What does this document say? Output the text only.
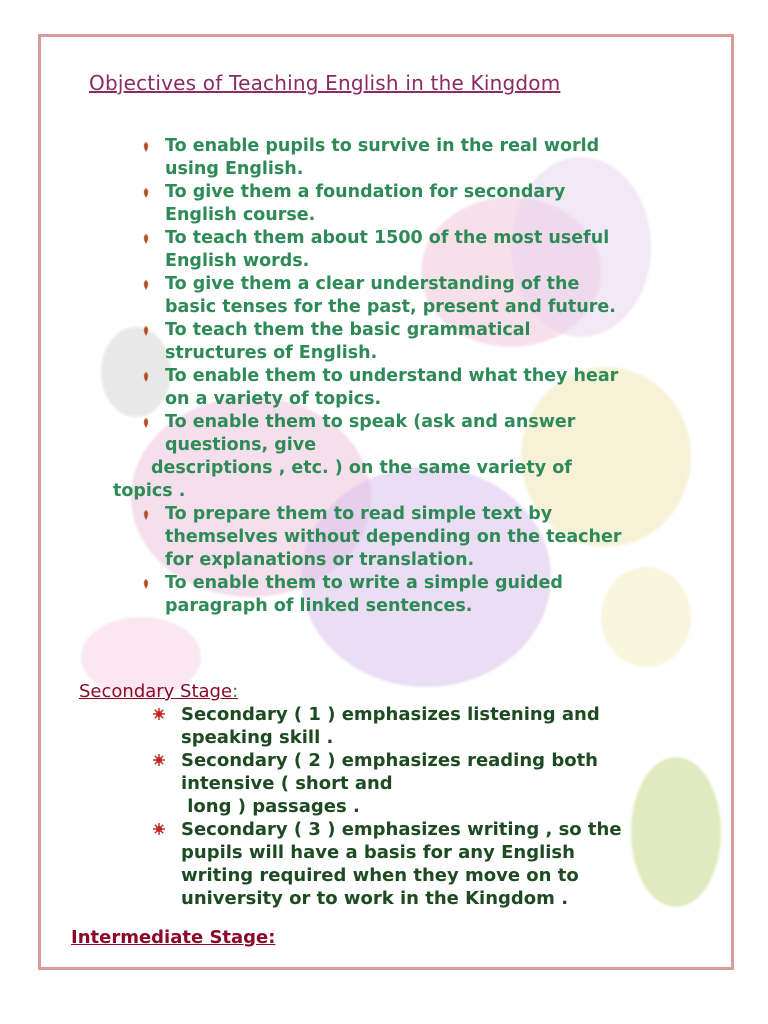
Objectives of Teaching English in the Kingdom
To enable pupils to survive in the real world
using English.
To give them a foundation for secondary
English course.
To teach them about 1500 of the most useful
English words.
To give them a clear understanding of the
basic tenses for the past, present and future.
To teach them the basic grammatical
structures of English.
To enable them to understand what they hear
on a variety of topics.
To enable them to speak (ask and answer
questions, give
descriptions , etc. ) on the same variety of
topics .
To prepare them to read simple text by
themselves without depending on the teacher
for explanations or translation.
To enable them to write a simple guided
paragraph of linked sentences.
Secondary Stage:
Secondary ( 1 ) emphasizes listening and
speaking skill .
Secondary ( 2 ) emphasizes reading both
intensive ( short and
long ) passages .
Secondary ( 3 ) emphasizes writing , so the
pupils will have a basis for any English
writing required when they move on to
university or to work in the Kingdom .
Intermediate Stage:
